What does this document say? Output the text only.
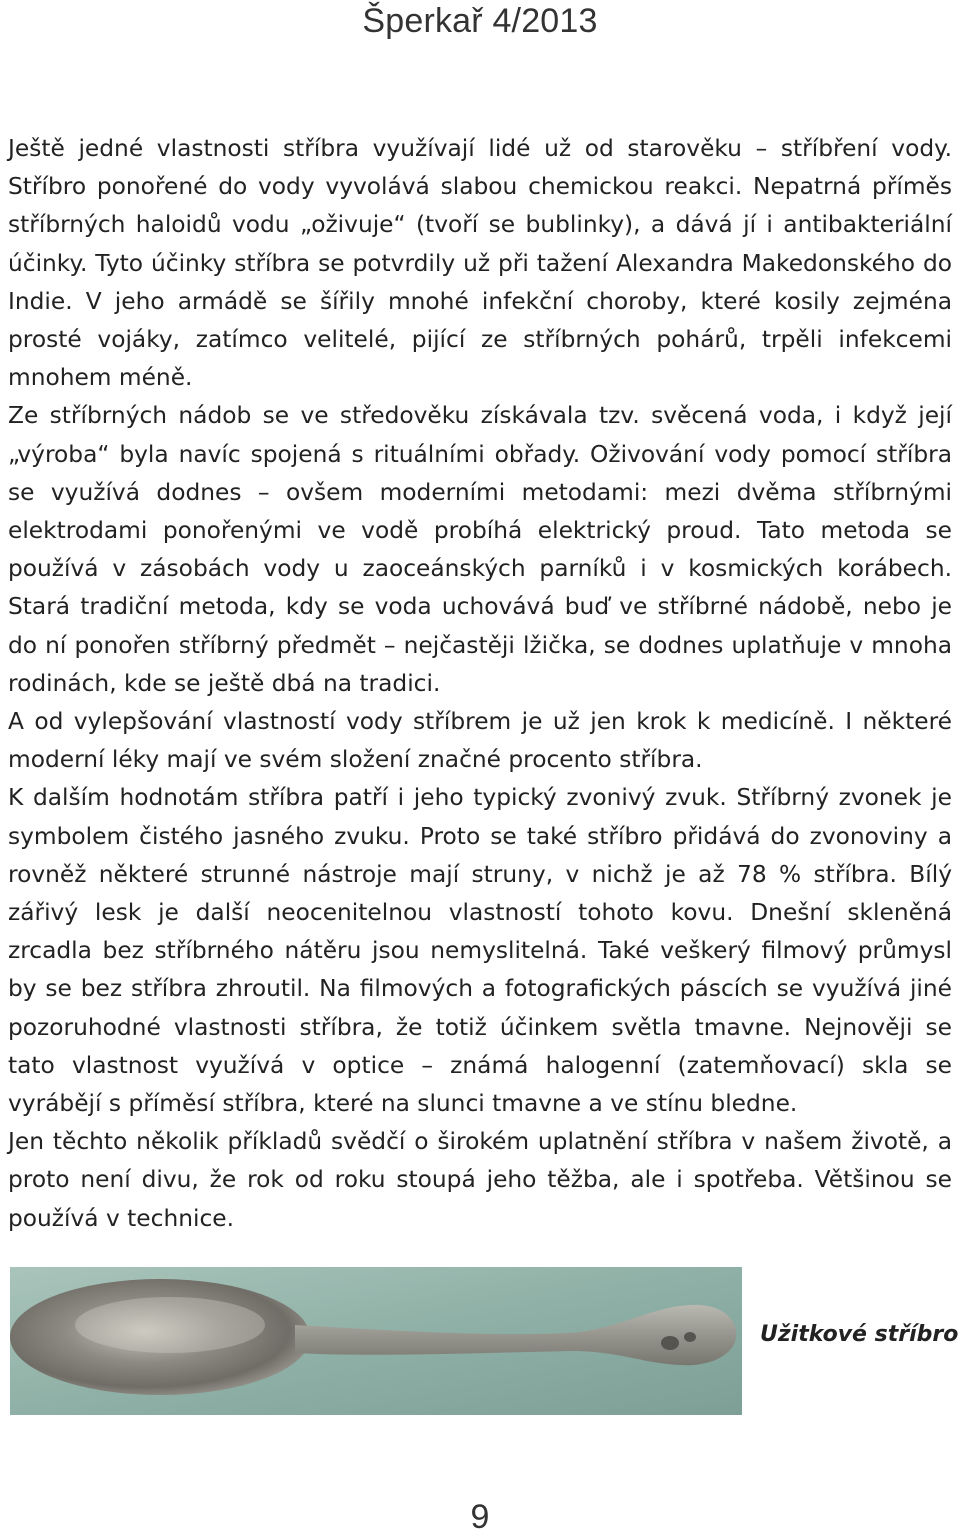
Šperkař 4/2013

Ještě jedné vlastnosti stříbra využívají lidé už od starověku – stříbření vody. Stříbro ponořené do vody vyvolává slabou chemickou reakci. Nepatrná příměs stříbrných haloidů vodu „oživuje“ (tvoří se bublinky), a dává jí i antibakteriální účinky. Tyto účinky stříbra se potvrdily už při tažení Alexandra Makedonského do Indie. V jeho armádě se šířily mnohé infekční choroby, které kosily zejména prosté vojáky, zatímco velitelé, pijící ze stříbrných pohárů, trpěli infekcemi mnohem méně.

Ze stříbrných nádob se ve středověku získávala tzv. svěcená voda, i když její „výroba“ byla navíc spojená s rituálními obřady. Oživování vody pomocí stříbra se využívá dodnes – ovšem moderními metodami: mezi dvěma stříbrnými elektrodami ponořenými ve vodě probíhá elektrický proud. Tato metoda se používá v zásobách vody u zaoceánských parníků i v kosmických korábech. Stará tradiční metoda, kdy se voda uchovává buď ve stříbrné nádobě, nebo je do ní ponořen stříbrný předmět – nejčastěji lžička, se dodnes uplatňuje v mnoha rodinách, kde se ještě dbá na tradici.

A od vylepšování vlastností vody stříbrem je už jen krok k medicíně. I některé moderní léky mají ve svém složení značné procento stříbra.

K dalším hodnotám stříbra patří i jeho typický zvonivý zvuk. Stříbrný zvonek je symbolem čistého jasného zvuku. Proto se také stříbro přidává do zvonoviny a rovněž některé strunné nástroje mají struny, v nichž je až 78 % stříbra. Bílý zářivý lesk je další neocenitelnou vlastností tohoto kovu. Dnešní skleněná zrcadla bez stříbrného nátěru jsou nemyslitelná. Také veškerý filmový průmysl by se bez stříbra zhroutil. Na filmových a fotografických páscích se využívá jiné pozoruhodné vlastnosti stříbra, že totiž účinkem světla tmavne. Nejnověji se tato vlastnost využívá v optice – známá halogenní (zatemňovací) skla se vyrábějí s příměsí stříbra, které na slunci tmavne a ve stínu bledne.

Jen těchto několik příkladů svědčí o širokém uplatnění stříbra v našem životě, a proto není divu, že rok od roku stoupá jeho těžba, ale i spotřeba. Většinou se používá v technice.

Užitkové stříbro
9
